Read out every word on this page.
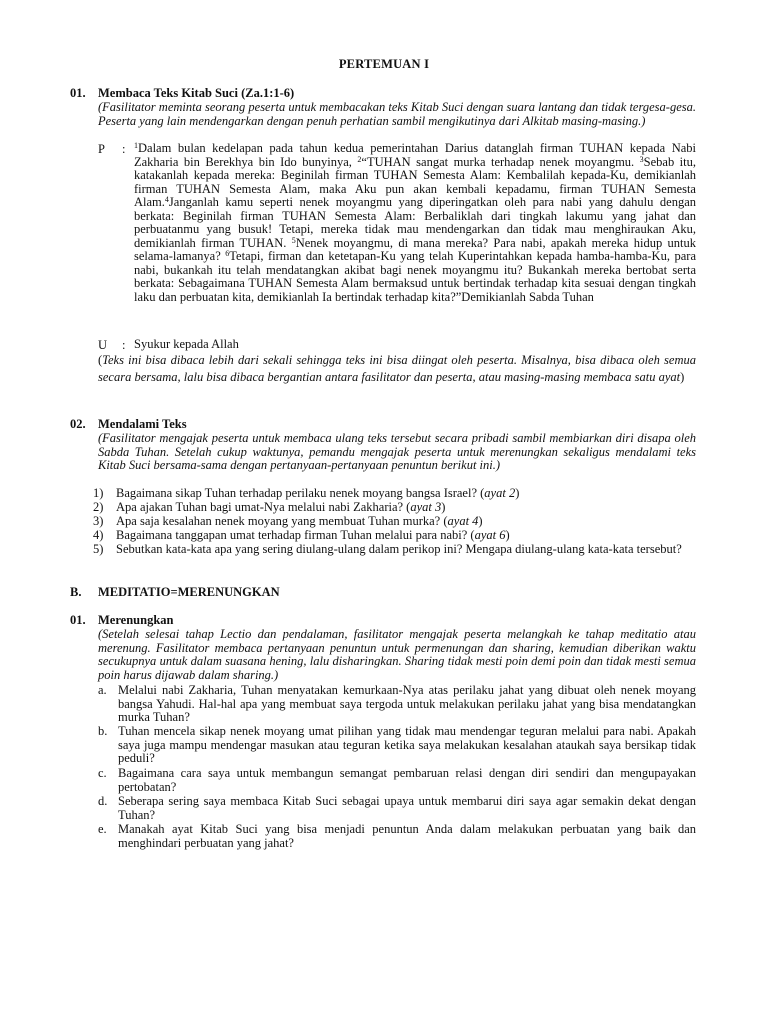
PERTEMUAN I
01. Membaca Teks Kitab Suci (Za.1:1-6)
(Fasilitator meminta seorang peserta untuk membacakan teks Kitab Suci dengan suara lantang dan tidak tergesa-gesa. Peserta yang lain mendengarkan dengan penuh perhatian sambil mengikutinya dari Alkitab masing-masing.)
P : $^1$Dalam bulan kedelapan pada tahun kedua pemerintahan Darius datanglah firman TUHAN kepada Nabi Zakharia bin Berekhya bin Ido bunyinya, $^2$“TUHAN sangat murka terhadap nenek moyangmu. $^3$Sebab itu, katakanlah kepada mereka: Beginilah firman TUHAN Semesta Alam: Kembalilah kepada-Ku, demikianlah firman TUHAN Semesta Alam, maka Aku pun akan kembali kepadamu, firman TUHAN Semesta Alam.$^4$Janganlah kamu seperti nenek moyangmu yang diperingatkan oleh para nabi yang dahulu dengan berkata: Beginilah firman TUHAN Semesta Alam: Berbaliklah dari tingkah lakumu yang jahat dan perbuatanmu yang busuk! Tetapi, mereka tidak mau mendengarkan dan tidak mau menghiraukan Aku, demikianlah firman TUHAN. $^5$Nenek moyangmu, di mana mereka? Para nabi, apakah mereka hidup untuk selama-lamanya? $^6$Tetapi, firman dan ketetapan-Ku yang telah Kuperintahkan kepada hamba-hamba-Ku, para nabi, bukankah itu telah mendatangkan akibat bagi nenek moyangmu itu? Bukankah mereka bertobat serta berkata: Sebagaimana TUHAN Semesta Alam bermaksud untuk bertindak terhadap kita sesuai dengan tingkah laku dan perbuatan kita, demikianlah Ia bertindak terhadap kita?”Demikianlah Sabda Tuhan
U : Syukur kepada Allah
(Teks ini bisa dibaca lebih dari sekali sehingga teks ini bisa diingat oleh peserta. Misalnya, bisa dibaca oleh semua secara bersama, lalu bisa dibaca bergantian antara fasilitator dan peserta, atau masing-masing membaca satu ayat)
02. Mendalami Teks
(Fasilitator mengajak peserta untuk membaca ulang teks tersebut secara pribadi sambil membiarkan diri disapa oleh Sabda Tuhan. Setelah cukup waktunya, pemandu mengajak peserta untuk merenungkan sekaligus mendalami teks Kitab Suci bersama-sama dengan pertanyaan-pertanyaan penuntun berikut ini.)
1) Bagaimana sikap Tuhan terhadap perilaku nenek moyang bangsa Israel? (ayat 2)
2) Apa ajakan Tuhan bagi umat-Nya melalui nabi Zakharia? (ayat 3)
3) Apa saja kesalahan nenek moyang yang membuat Tuhan murka? (ayat 4)
4) Bagaimana tanggapan umat terhadap firman Tuhan melalui para nabi? (ayat 6)
5) Sebutkan kata-kata apa yang sering diulang-ulang dalam perikop ini? Mengapa diulang-ulang kata-kata tersebut?
B. MEDITATIO=MERENUNGKAN
01. Merenungkan
(Setelah selesai tahap Lectio dan pendalaman, fasilitator mengajak peserta melangkah ke tahap meditatio atau merenung. Fasilitator membaca pertanyaan penuntun untuk permenungan dan sharing, kemudian diberikan waktu secukupnya untuk dalam suasana hening, lalu disharingkan. Sharing tidak mesti poin demi poin dan tidak mesti semua poin harus dijawab dalam sharing.)
a. Melalui nabi Zakharia, Tuhan menyatakan kemurkaan-Nya atas perilaku jahat yang dibuat oleh nenek moyang bangsa Yahudi. Hal-hal apa yang membuat saya tergoda untuk melakukan perilaku jahat yang bisa mendatangkan murka Tuhan?
b. Tuhan mencela sikap nenek moyang umat pilihan yang tidak mau mendengar teguran melalui para nabi. Apakah saya juga mampu mendengar masukan atau teguran ketika saya melakukan kesalahan ataukah saya bersikap tidak peduli?
c. Bagaimana cara saya untuk membangun semangat pembaruan relasi dengan diri sendiri dan mengupayakan pertobatan?
d. Seberapa sering saya membaca Kitab Suci sebagai upaya untuk membarui diri saya agar semakin dekat dengan Tuhan?
e. Manakah ayat Kitab Suci yang bisa menjadi penuntun Anda dalam melakukan perbuatan yang baik dan menghindari perbuatan yang jahat?
